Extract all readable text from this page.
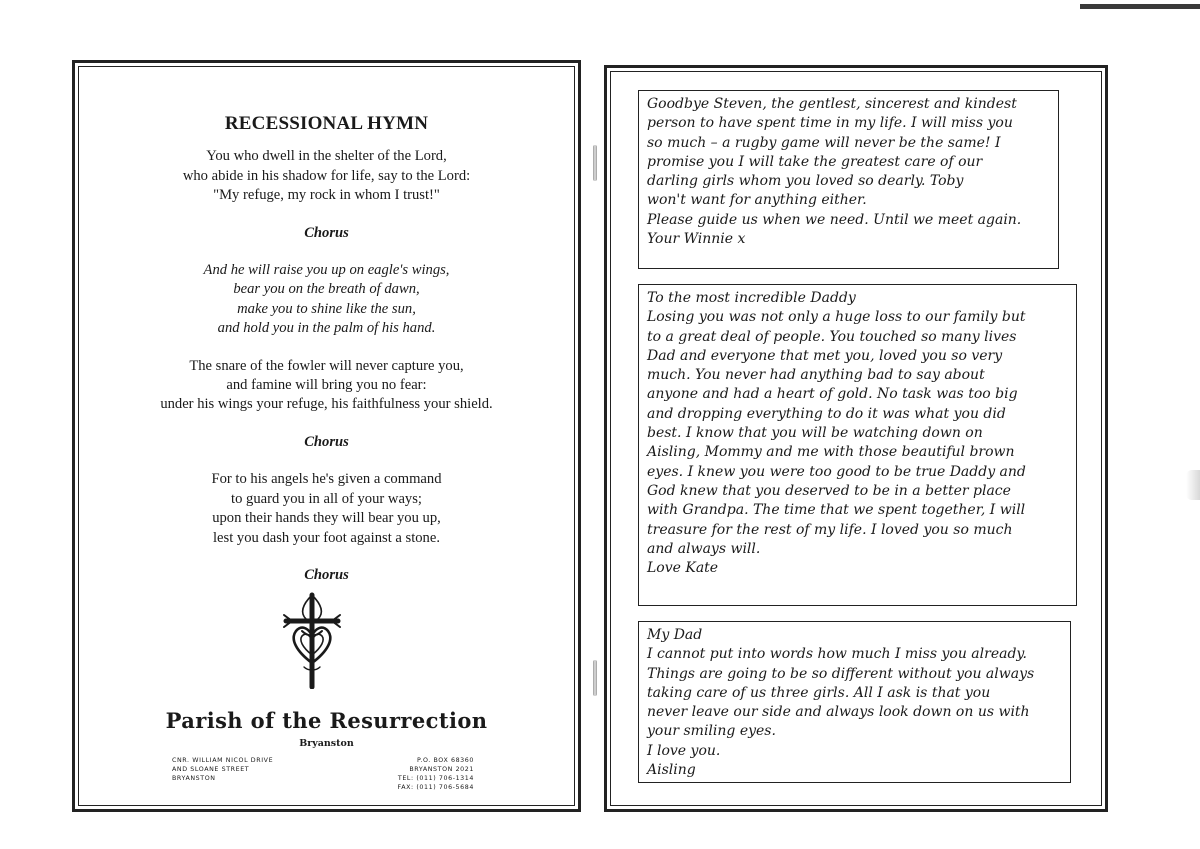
RECESSIONAL HYMN
You who dwell in the shelter of the Lord,
who abide in his shadow for life, say to the Lord:
"My refuge, my rock in whom I trust!"
Chorus
And he will raise you up on eagle's wings,
bear you on the breath of dawn,
make you to shine like the sun,
and hold you in the palm of his hand.
The snare of the fowler will never capture you,
and famine will bring you no fear:
under his wings your refuge, his faithfulness your shield.
Chorus
For to his angels he's given a command
to guard you in all of your ways;
upon their hands they will bear you up,
lest you dash your foot against a stone.
Chorus
Parish of the Resurrection
Bryanston
CNR. WILLIAM NICOL DRIVE
AND SLOANE STREET
BRYANSTON
P.O. BOX 68360
BRYANSTON 2021
TEL: (011) 706-1314
FAX: (011) 706-5684
Goodbye Steven, the gentlest, sincerest and kindest
person to have spent time in my life. I will miss you
so much – a rugby game will never be the same! I
promise you I will take the greatest care of our
darling girls whom you loved so dearly. Toby
won't want for anything either.
Please guide us when we need. Until we meet again.
Your Winnie x
To the most incredible Daddy
Losing you was not only a huge loss to our family but
to a great deal of people. You touched so many lives
Dad and everyone that met you, loved you so very
much. You never had anything bad to say about
anyone and had a heart of gold. No task was too big
and dropping everything to do it was what you did
best. I know that you will be watching down on
Aisling, Mommy and me with those beautiful brown
eyes. I knew you were too good to be true Daddy and
God knew that you deserved to be in a better place
with Grandpa. The time that we spent together, I will
treasure for the rest of my life. I loved you so much
and always will.
Love Kate
My Dad
I cannot put into words how much I miss you already.
Things are going to be so different without you always
taking care of us three girls. All I ask is that you
never leave our side and always look down on us with
your smiling eyes.
I love you.
Aisling
